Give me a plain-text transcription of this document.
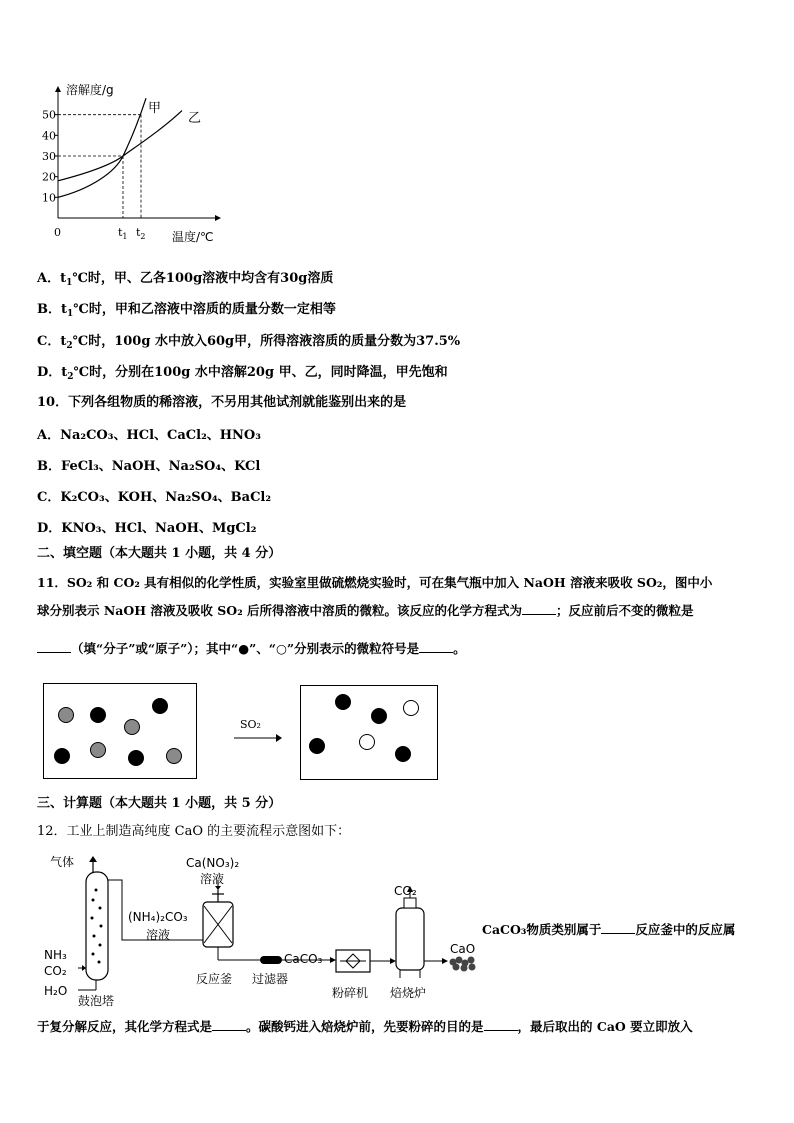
50
40
30
20
10
溶解度/g
温度/℃
0	$t_1$ $t_2$
甲
乙
A．$t_1℃$时，甲、乙各100g溶液中均含有30g溶质
B．$t_1℃$时，甲和乙溶液中溶质的质量分数一定相等
C．$t_2℃$时，100g 水中放入60g甲，所得溶液溶质的质量分数为37.5%
D．$t_2℃$时，分别在100g 水中溶解20g 甲、乙，同时降温，甲先饱和
10．下列各组物质的稀溶液，不另用其他试剂就能鉴别出来的是
A．Na₂CO₃、HCl、CaCl₂、HNO₃
B．FeCl₃、NaOH、Na₂SO₄、KCl
C．K₂CO₃、KOH、Na₂SO₄、BaCl₂
D．KNO₃、HCl、NaOH、MgCl₂
二、填空题（本大题共 1 小题，共 4 分）
11．SO₂ 和 CO₂ 具有相似的化学性质，实验室里做硫燃烧实验时，可在集气瓶中加入 NaOH 溶液来吸收 SO₂，图中小
球分别表示 NaOH 溶液及吸收 SO₂ 后所得溶液中溶质的微粒。该反应的化学方程式为	；反应前后不变的微粒是
（填“分子”或“原子”）；其中“●”、“○”分别表示的微粒符号是	。
SO₂
三、计算题（本大题共 1 小题，共 5 分）
12．工业上制造高纯度 CaO 的主要流程示意图如下：
气体	Ca(NO₃)₂
溶液
(NH₄)₂CO₃
溶液
NH₃
CO₂
H₂O
鼓泡塔
反应釜 过滤器
CaCO₃
粉碎机 焙烧炉
CO₂
CaO
CaCO₃物质类别属于	反应釜中的反应属
于复分解反应，其化学方程式是	。碳酸钙进入焙烧炉前，先要粉碎的目的是	，最后取出的 CaO 要立即放入
